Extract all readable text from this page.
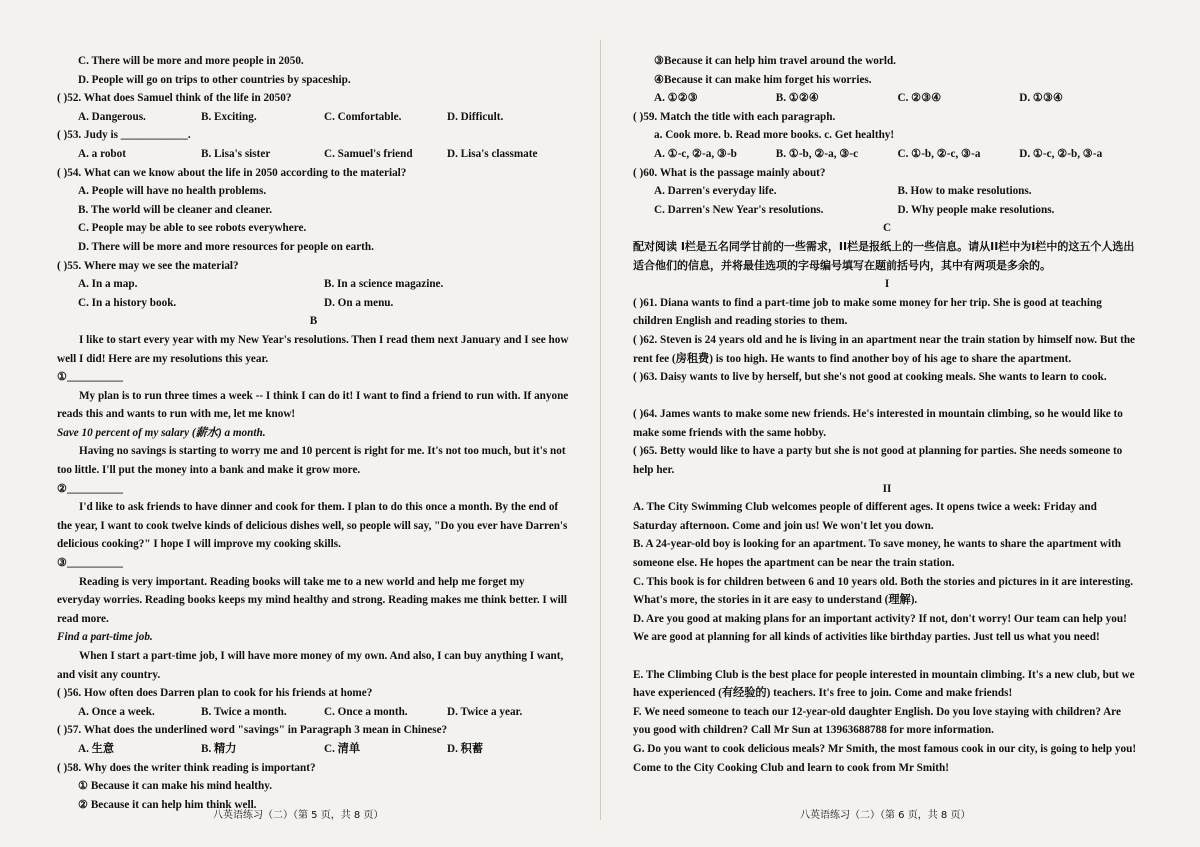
C. There will be more and more people in 2050.
D. People will go on trips to other countries by spaceship.
( )52. What does Samuel think of the life in 2050?
A. Dangerous.	B. Exciting.	C. Comfortable.	D. Difficult.
( )53. Judy is ____________.
A. a robot	B. Lisa's sister	C. Samuel's friend	D. Lisa's classmate
( )54. What can we know about the life in 2050 according to the material?
A. People will have no health problems.
B. The world will be cleaner and cleaner.
C. People may be able to see robots everywhere.
D. There will be more and more resources for people on earth.
( )55. Where may we see the material?
A. In a map.	B. In a science magazine.
C. In a history book.	D. On a menu.
B
I like to start every year with my New Year's resolutions. Then I read them next January and I see how well I did! Here are my resolutions this year.
①__________
My plan is to run three times a week -- I think I can do it! I want to find a friend to run with. If anyone reads this and wants to run with me, let me know!
Save 10 percent of my salary (薪水) a month.
Having no savings is starting to worry me and 10 percent is right for me. It's not too much, but it's not too little. I'll put the money into a bank and make it grow more.
②__________
I'd like to ask friends to have dinner and cook for them. I plan to do this once a month. By the end of the year, I want to cook twelve kinds of delicious dishes well, so people will say, "Do you ever have Darren's delicious cooking?" I hope I will improve my cooking skills.
③__________
Reading is very important. Reading books will take me to a new world and help me forget my everyday worries. Reading books keeps my mind healthy and strong. Reading makes me think better. I will read more.
Find a part-time job.
When I start a part-time job, I will have more money of my own. And also, I can buy anything I want, and visit any country.
( )56. How often does Darren plan to cook for his friends at home?
A. Once a week.	B. Twice a month.	C. Once a month.	D. Twice a year.
( )57. What does the underlined word "savings" in Paragraph 3 mean in Chinese?
A. 生意	B. 精力	C. 清单	D. 积蓄
( )58. Why does the writer think reading is important?
① Because it can make his mind healthy.
② Because it can help him think well.
③Because it can help him travel around the world.
④Because it can make him forget his worries.
A. ①②③	B. ①②④	C. ②③④	D. ①③④
( )59. Match the title with each paragraph.
a. Cook more. b. Read more books. c. Get healthy!
A. ①-c, ②-a, ③-b	B. ①-b, ②-a, ③-c	C. ①-b, ②-c, ③-a	D. ①-c, ②-b, ③-a
( )60. What is the passage mainly about?
A. Darren's everyday life.	B. How to make resolutions.
C. Darren's New Year's resolutions.	D. Why people make resolutions.
C
配对阅读 I栏是五名同学甘前的一些需求，II栏是报纸上的一些信息。请从II栏中为I栏中的这五个人选出适合他们的信息，并将最佳选项的字母编号填写在题前括号内，其中有两项是多余的。
I
( )61. Diana wants to find a part-time job to make some money for her trip. She is good at teaching children English and reading stories to them.
( )62. Steven is 24 years old and he is living in an apartment near the train station by himself now. But the rent fee (房租费) is too high. He wants to find another boy of his age to share the apartment.
( )63. Daisy wants to live by herself, but she's not good at cooking meals. She wants to learn to cook.
( )64. James wants to make some new friends. He's interested in mountain climbing, so he would like to make some friends with the same hobby.
( )65. Betty would like to have a party but she is not good at planning for parties. She needs someone to help her.
II
A. The City Swimming Club welcomes people of different ages. It opens twice a week: Friday and Saturday afternoon. Come and join us! We won't let you down.
B. A 24-year-old boy is looking for an apartment. To save money, he wants to share the apartment with someone else. He hopes the apartment can be near the train station.
C. This book is for children between 6 and 10 years old. Both the stories and pictures in it are interesting. What's more, the stories in it are easy to understand (理解).
D. Are you good at making plans for an important activity? If not, don't worry! Our team can help you! We are good at planning for all kinds of activities like birthday parties. Just tell us what you need!
E. The Climbing Club is the best place for people interested in mountain climbing. It's a new club, but we have experienced (有经验的) teachers. It's free to join. Come and make friends!
F. We need someone to teach our 12-year-old daughter English. Do you love staying with children? Are you good with children? Call Mr Sun at 13963688788 for more information.
G. Do you want to cook delicious meals? Mr Smith, the most famous cook in our city, is going to help you! Come to the City Cooking Club and learn to cook from Mr Smith!
八英语练习（二）（第 5 页，共 8 页）	八英语练习（二）（第 6 页，共 8 页）
